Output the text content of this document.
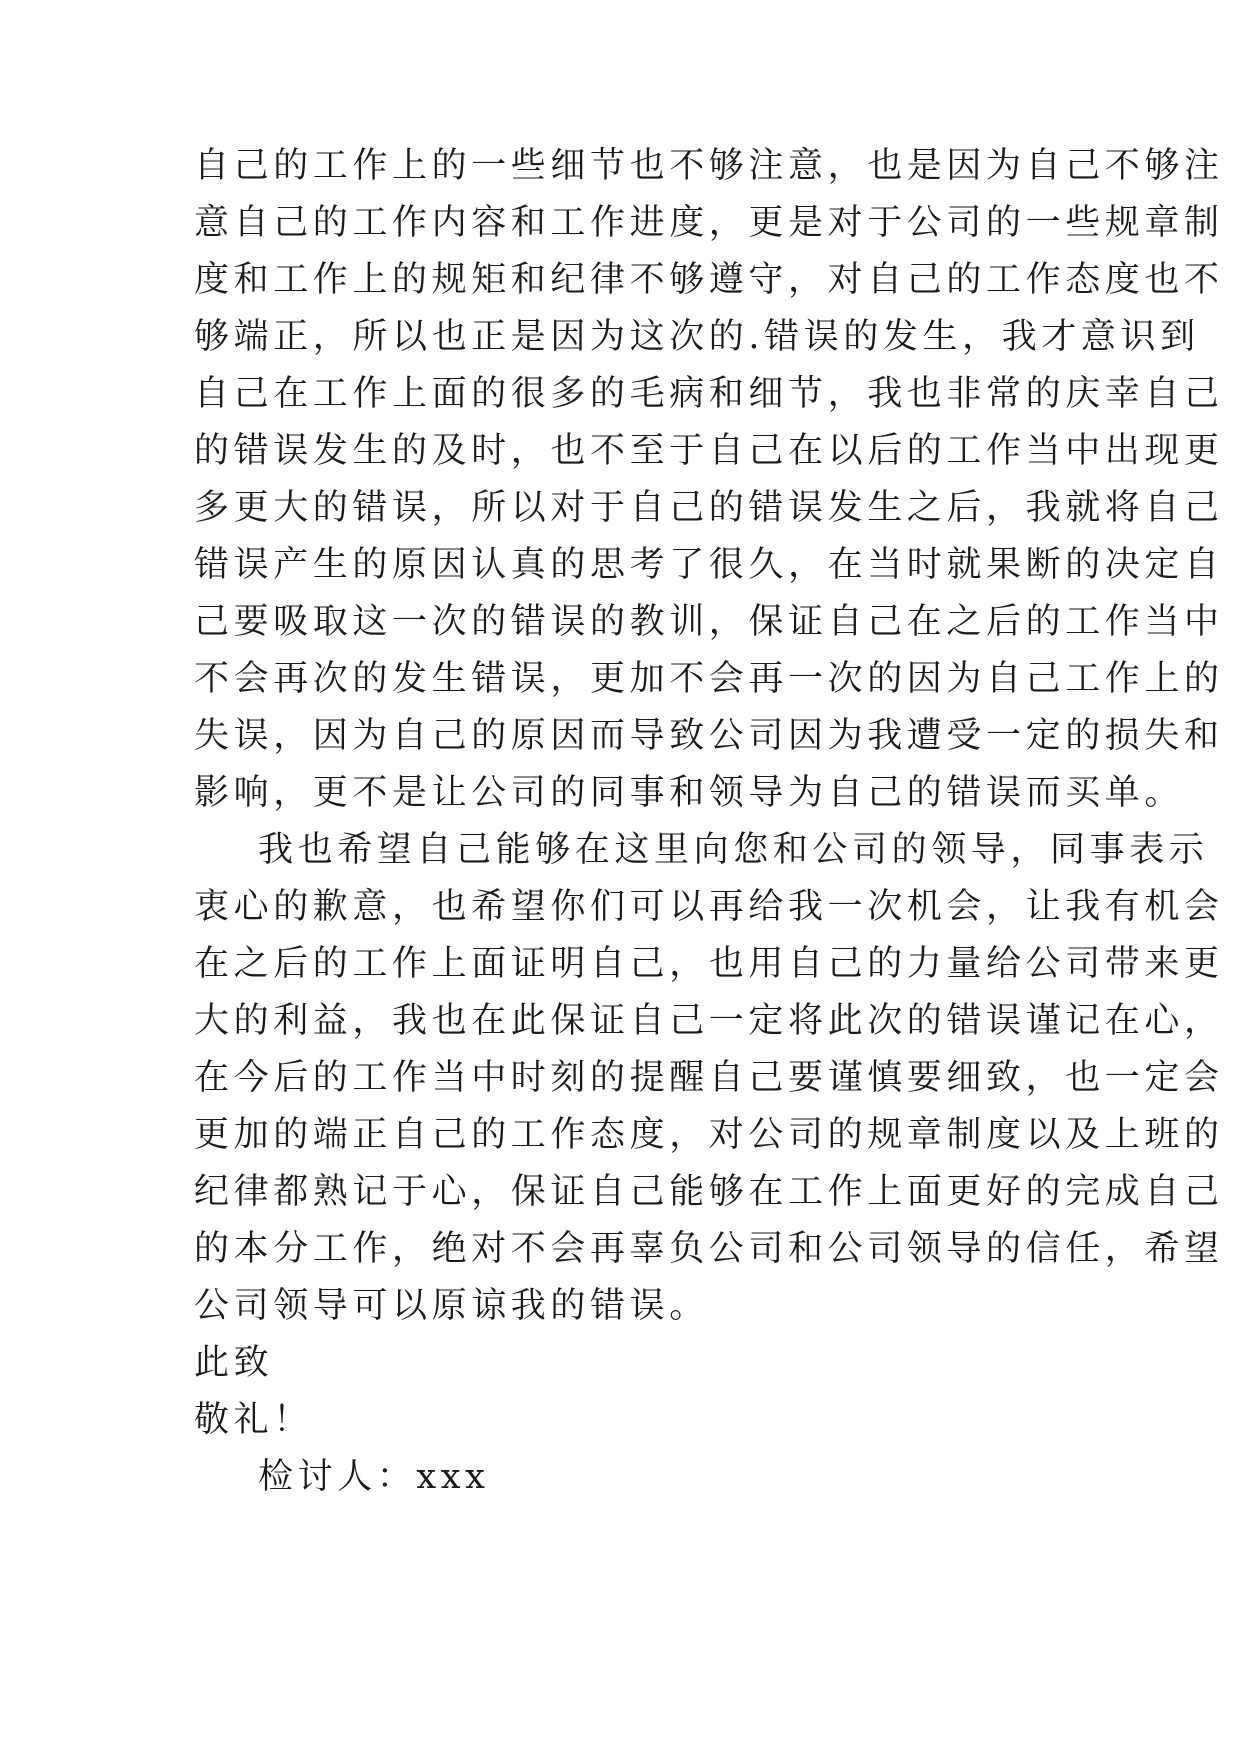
自己的工作上的一些细节也不够注意，也是因为自己不够注
意自己的工作内容和工作进度，更是对于公司的一些规章制
度和工作上的规矩和纪律不够遵守，对自己的工作态度也不
够端正，所以也正是因为这次的.错误的发生，我才意识到
自己在工作上面的很多的毛病和细节，我也非常的庆幸自己
的错误发生的及时，也不至于自己在以后的工作当中出现更
多更大的错误，所以对于自己的错误发生之后，我就将自己
错误产生的原因认真的思考了很久，在当时就果断的决定自
己要吸取这一次的错误的教训，保证自己在之后的工作当中
不会再次的发生错误，更加不会再一次的因为自己工作上的
失误，因为自己的原因而导致公司因为我遭受一定的损失和
影响，更不是让公司的同事和领导为自己的错误而买单。
我也希望自己能够在这里向您和公司的领导，同事表示
衷心的歉意，也希望你们可以再给我一次机会，让我有机会
在之后的工作上面证明自己，也用自己的力量给公司带来更
大的利益，我也在此保证自己一定将此次的错误谨记在心，
在今后的工作当中时刻的提醒自己要谨慎要细致，也一定会
更加的端正自己的工作态度，对公司的规章制度以及上班的
纪律都熟记于心，保证自己能够在工作上面更好的完成自己
的本分工作，绝对不会再辜负公司和公司领导的信任，希望
公司领导可以原谅我的错误。
此致
敬礼！
检讨人：xxx
